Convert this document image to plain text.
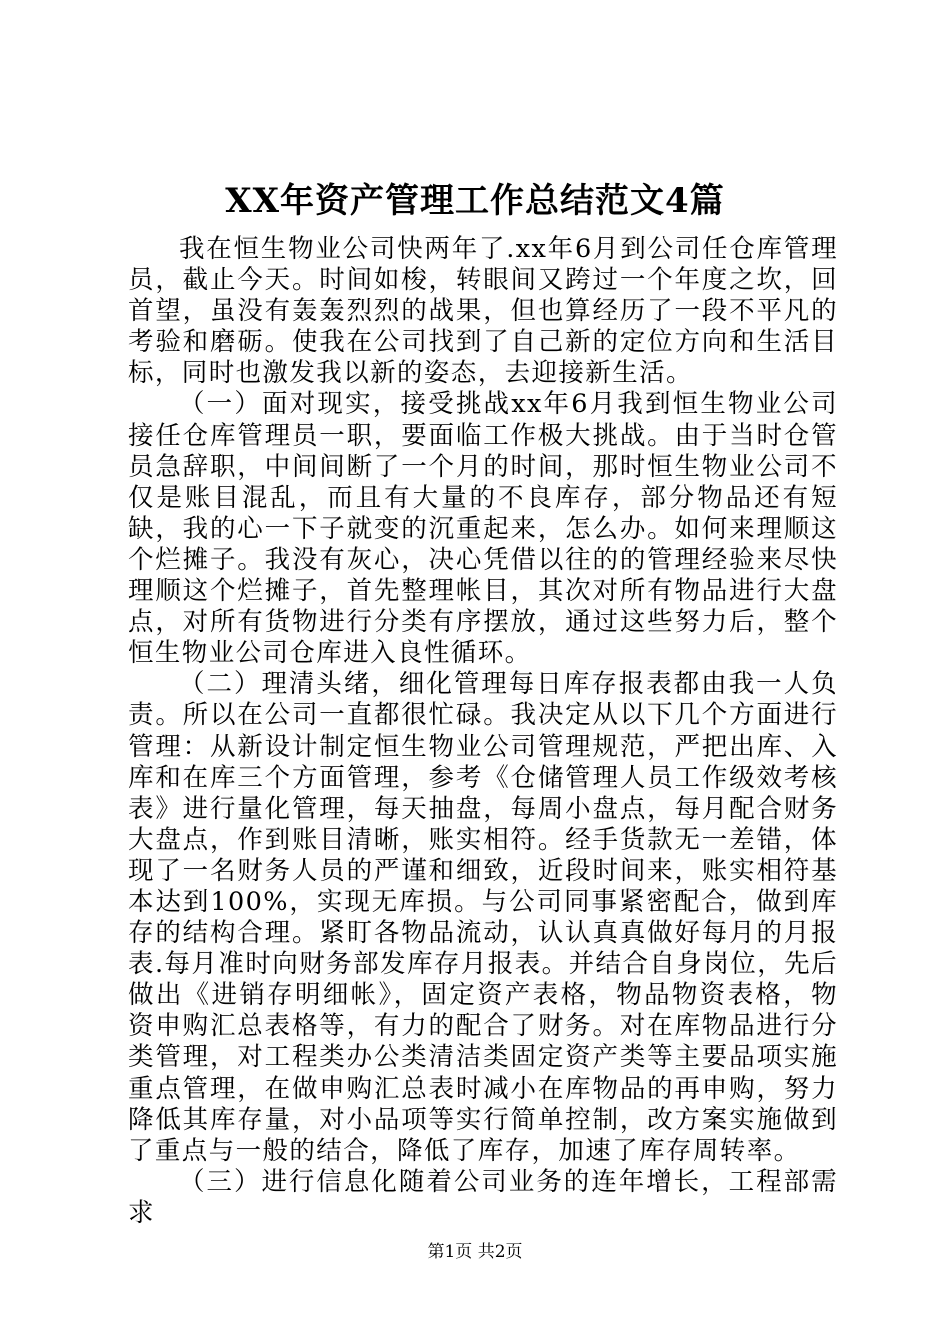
XX年资产管理工作总结范文4篇

我在恒生物业公司快两年了.xx年6月到公司任仓库管理员，截止今天。时间如梭，转眼间又跨过一个年度之坎，回首望，虽没有轰轰烈烈的战果，但也算经历了一段不平凡的考验和磨砺。使我在公司找到了自己新的定位方向和生活目标，同时也激发我以新的姿态，去迎接新生活。

（一）面对现实，接受挑战xx年6月我到恒生物业公司接任仓库管理员一职，要面临工作极大挑战。由于当时仓管员急辞职，中间间断了一个月的时间，那时恒生物业公司不仅是账目混乱，而且有大量的不良库存，部分物品还有短缺，我的心一下子就变的沉重起来，怎么办。如何来理顺这个烂摊子。我没有灰心，决心凭借以往的的管理经验来尽快理顺这个烂摊子，首先整理帐目，其次对所有物品进行大盘点，对所有货物进行分类有序摆放，通过这些努力后，整个恒生物业公司仓库进入良性循环。

（二）理清头绪，细化管理每日库存报表都由我一人负责。所以在公司一直都很忙碌。我决定从以下几个方面进行管理：从新设计制定恒生物业公司管理规范，严把出库、入库和在库三个方面管理，参考《仓储管理人员工作级效考核表》进行量化管理，每天抽盘，每周小盘点，每月配合财务大盘点，作到账目清晰，账实相符。经手货款无一差错，体现了一名财务人员的严谨和细致，近段时间来，账实相符基本达到100%，实现无库损。与公司同事紧密配合，做到库存的结构合理。紧盯各物品流动，认认真真做好每月的月报表.每月准时向财务部发库存月报表。并结合自身岗位，先后做出《进销存明细帐》，固定资产表格，物品物资表格，物资申购汇总表格等，有力的配合了财务。对在库物品进行分类管理，对工程类办公类清洁类固定资产类等主要品项实施重点管理，在做申购汇总表时减小在库物品的再申购，努力降低其库存量，对小品项等实行简单控制，改方案实施做到了重点与一般的结合，降低了库存，加速了库存周转率。

（三）进行信息化随着公司业务的连年增长，工程部需求

第1页 共2页
